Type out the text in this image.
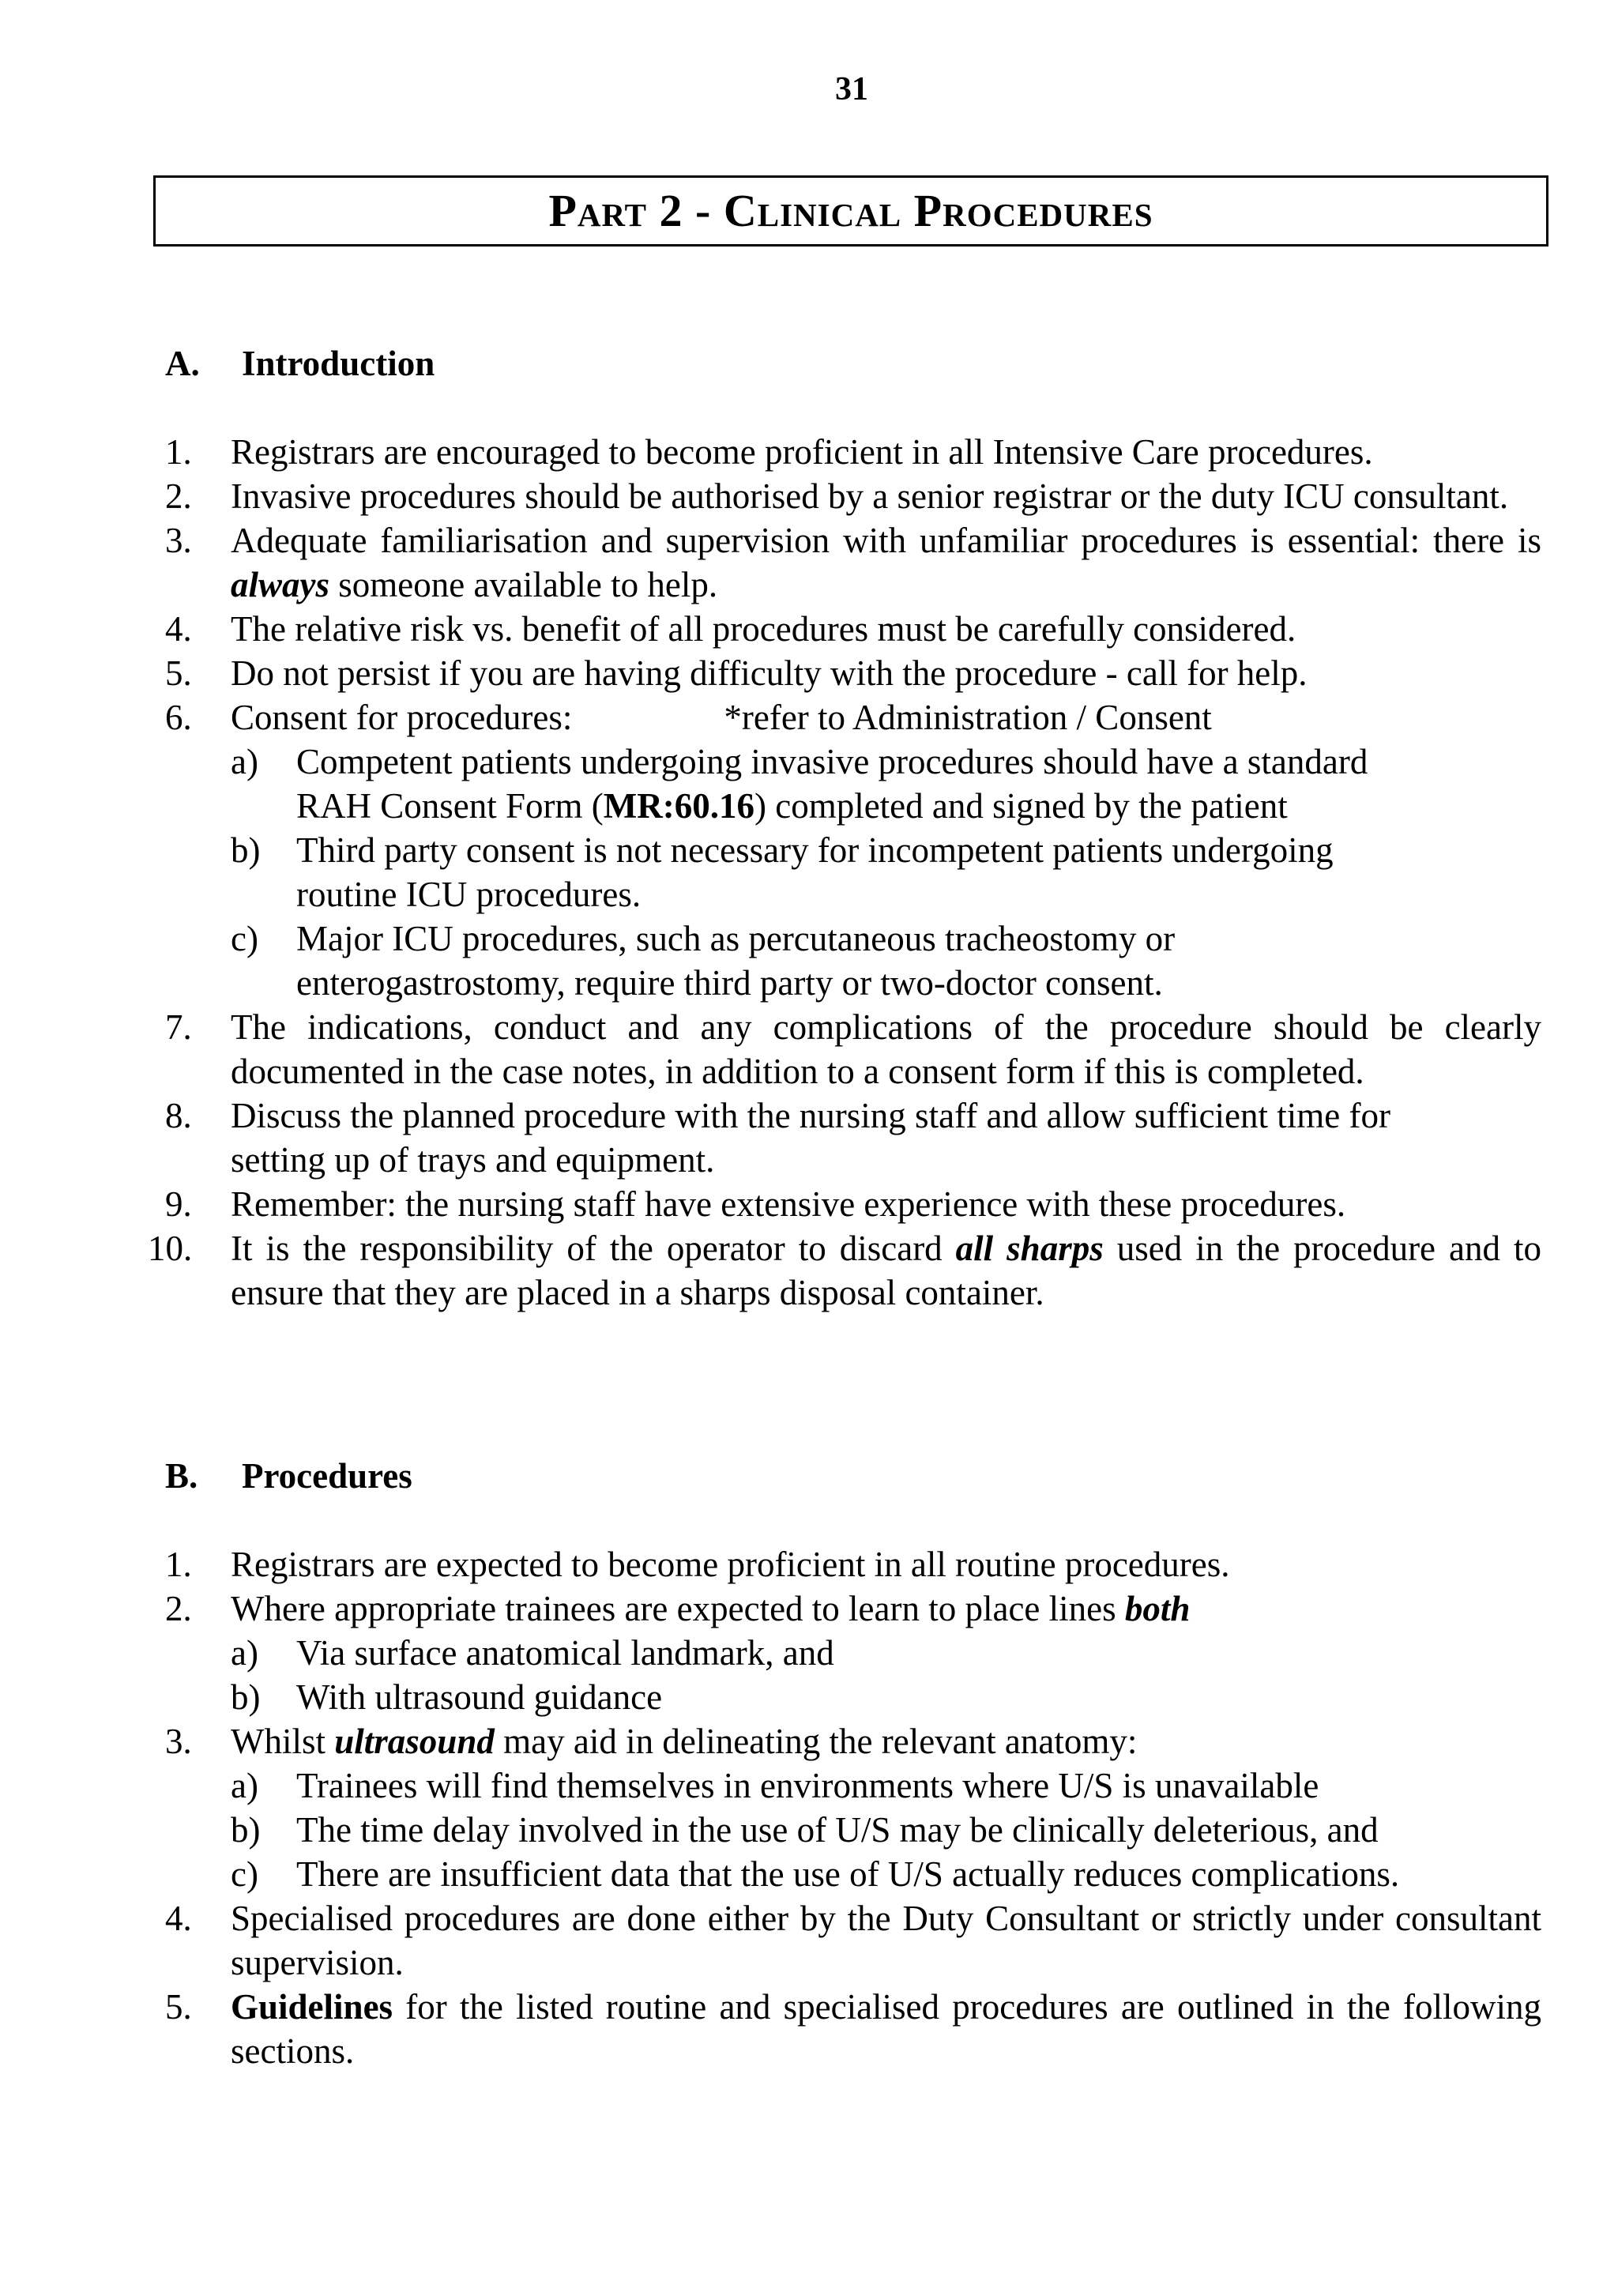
31
Part 2 - Clinical Procedures
A. Introduction
1.	Registrars are encouraged to become proficient in all Intensive Care procedures.
2.	Invasive procedures should be authorised by a senior registrar or the duty ICU consultant.
3.	Adequate familiarisation and supervision with unfamiliar procedures is essential: there is always someone available to help.
4.	The relative risk vs. benefit of all procedures must be carefully considered.
5.	Do not persist if you are having difficulty with the procedure - call for help.
6.	Consent for procedures:	*refer to Administration / Consent
a)	Competent patients undergoing invasive procedures should have a standard
RAH Consent Form (MR:60.16) completed and signed by the patient
b)	Third party consent is not necessary for incompetent patients undergoing
routine ICU procedures.
c)	Major ICU procedures, such as percutaneous tracheostomy or
enterogastrostomy, require third party or two-doctor consent.
7.	The indications, conduct and any complications of the procedure should be clearly documented in the case notes, in addition to a consent form if this is completed.
8.	Discuss the planned procedure with the nursing staff and allow sufficient time for
setting up of trays and equipment.
9.	Remember: the nursing staff have extensive experience with these procedures.
10.	It is the responsibility of the operator to discard all sharps used in the procedure and to ensure that they are placed in a sharps disposal container.
B. Procedures
1.	Registrars are expected to become proficient in all routine procedures.
2.	Where appropriate trainees are expected to learn to place lines both
a)	Via surface anatomical landmark, and
b)	With ultrasound guidance
3.	Whilst ultrasound may aid in delineating the relevant anatomy:
a)	Trainees will find themselves in environments where U/S is unavailable
b)	The time delay involved in the use of U/S may be clinically deleterious, and
c)	There are insufficient data that the use of U/S actually reduces complications.
4.	Specialised procedures are done either by the Duty Consultant or strictly under consultant supervision.
5.	Guidelines for the listed routine and specialised procedures are outlined in the following sections.
